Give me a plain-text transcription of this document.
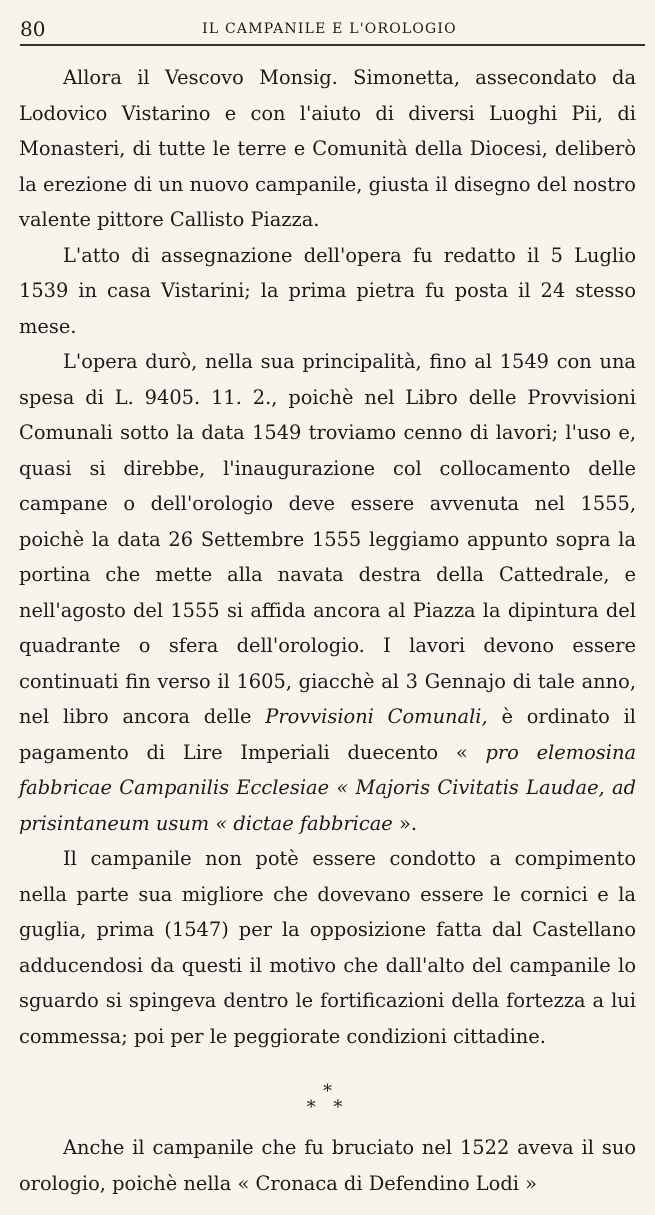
80	IL CAMPANILE E L'OROLOGIO

Allora il Vescovo Monsig. Simonetta, assecondato da Lodovico Vistarino e con l'aiuto di diversi Luoghi Pii, di Monasteri, di tutte le terre e Comunità della Diocesi, deliberò la erezione di un nuovo campanile, giusta il disegno del nostro valente pittore Callisto Piazza.

L'atto di assegnazione dell'opera fu redatto il 5 Luglio 1539 in casa Vistarini; la prima pietra fu posta il 24 stesso mese.

L'opera durò, nella sua principalità, fino al 1549 con una spesa di L. 9405. 11. 2., poichè nel Libro delle Provvisioni Comunali sotto la data 1549 troviamo cenno di lavori; l'uso e, quasi si direbbe, l'inaugurazione col collocamento delle campane o dell'orologio deve essere avvenuta nel 1555, poichè la data 26 Settembre 1555 leggiamo appunto sopra la portina che mette alla navata destra della Cattedrale, e nell'agosto del 1555 si affida ancora al Piazza la dipintura del quadrante o sfera dell'orologio. I lavori devono essere continuati fin verso il 1605, giacchè al 3 Gennajo di tale anno, nel libro ancora delle Provvisioni Comunali, è ordinato il pagamento di Lire Imperiali duecento « pro elemosina fabbricae Campanilis Ecclesiae « Majoris Civitatis Laudae, ad prisintaneum usum « dictae fabbricae ».

Il campanile non potè essere condotto a compimento nella parte sua migliore che dovevano essere le cornici e la guglia, prima (1547) per la opposizione fatta dal Castellano adducendosi da questi il motivo che dall'alto del campanile lo sguardo si spingeva dentro le fortificazioni della fortezza a lui commessa; poi per le peggiorate condizioni cittadine.

*
* *

Anche il campanile che fu bruciato nel 1522 aveva il suo orologio, poichè nella « Cronaca di Defendino Lodi »
